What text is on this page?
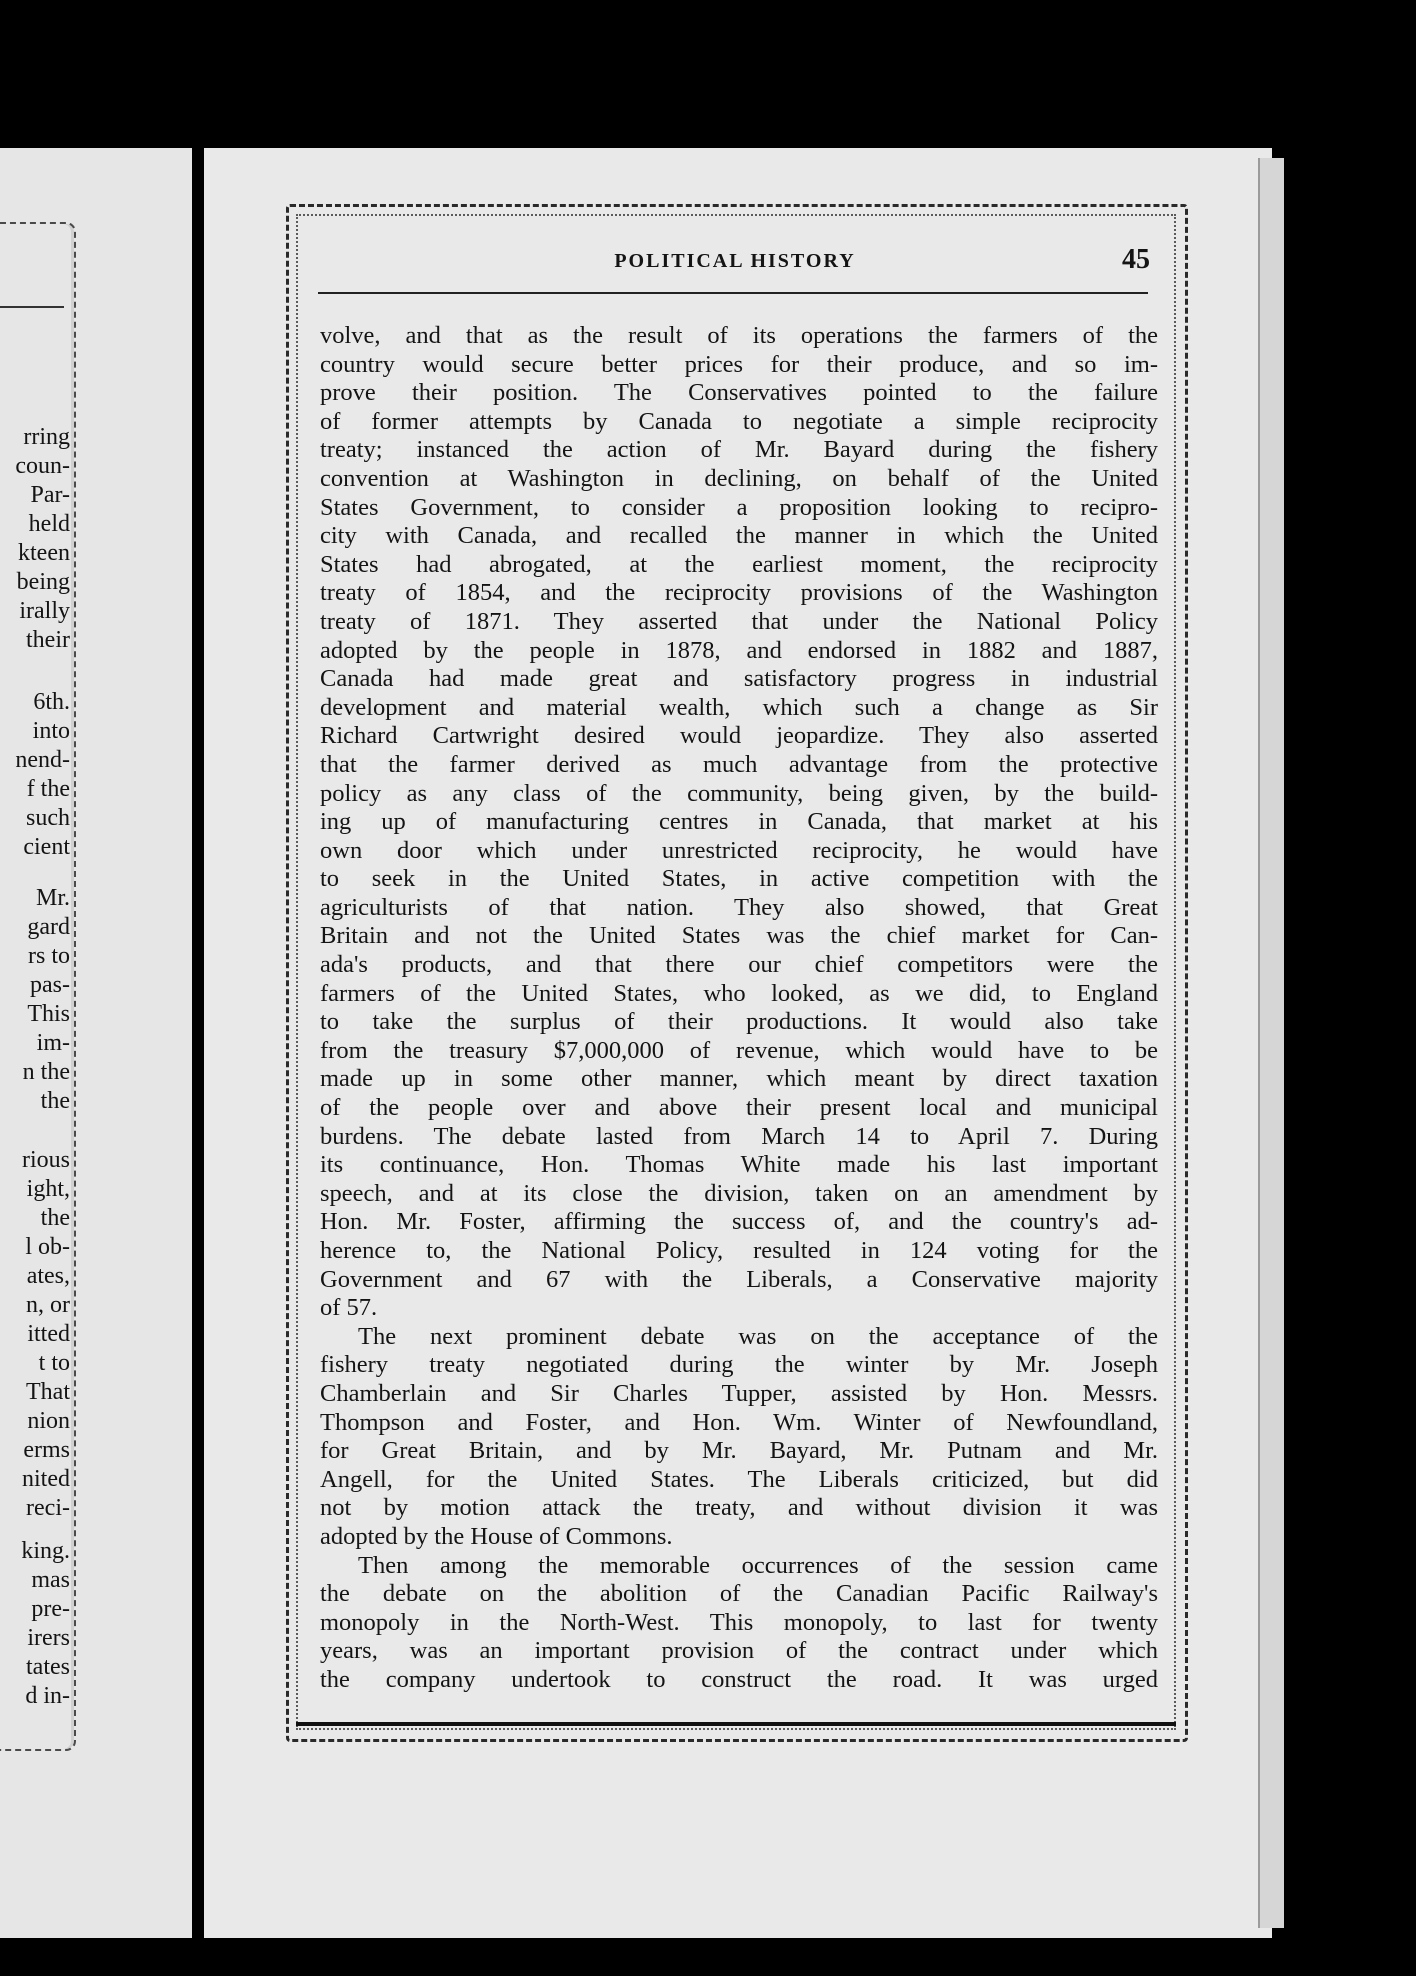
rring
coun-
Par-
held
kteen
being
irally
their
6th.
into
nend-
f the
such
cient
Mr.
gard
rs to
pas-
This
im-
n the
the
rious
ight,
the
l ob-
ates,
n, or
itted
t to
That
nion
erms
nited
reci-
king.
mas
pre-
irers
tates
d in-
POLITICAL HISTORY	45
volve, and that as the result of its operations the farmers of the
country would secure better prices for their produce, and so im-
prove their position. The Conservatives pointed to the failure
of former attempts by Canada to negotiate a simple reciprocity
treaty; instanced the action of Mr. Bayard during the fishery
convention at Washington in declining, on behalf of the United
States Government, to consider a proposition looking to recipro-
city with Canada, and recalled the manner in which the United
States had abrogated, at the earliest moment, the reciprocity
treaty of 1854, and the reciprocity provisions of the Washington
treaty of 1871. They asserted that under the National Policy
adopted by the people in 1878, and endorsed in 1882 and 1887,
Canada had made great and satisfactory progress in industrial
development and material wealth, which such a change as Sir
Richard Cartwright desired would jeopardize. They also asserted
that the farmer derived as much advantage from the protective
policy as any class of the community, being given, by the build-
ing up of manufacturing centres in Canada, that market at his
own door which under unrestricted reciprocity, he would have
to seek in the United States, in active competition with the
agriculturists of that nation. They also showed, that Great
Britain and not the United States was the chief market for Can-
ada's products, and that there our chief competitors were the
farmers of the United States, who looked, as we did, to England
to take the surplus of their productions. It would also take
from the treasury $7,000,000 of revenue, which would have to be
made up in some other manner, which meant by direct taxation
of the people over and above their present local and municipal
burdens. The debate lasted from March 14 to April 7. During
its continuance, Hon. Thomas White made his last important
speech, and at its close the division, taken on an amendment by
Hon. Mr. Foster, affirming the success of, and the country's ad-
herence to, the National Policy, resulted in 124 voting for the
Government and 67 with the Liberals, a Conservative majority
of 57.
The next prominent debate was on the acceptance of the
fishery treaty negotiated during the winter by Mr. Joseph
Chamberlain and Sir Charles Tupper, assisted by Hon. Messrs.
Thompson and Foster, and Hon. Wm. Winter of Newfoundland,
for Great Britain, and by Mr. Bayard, Mr. Putnam and Mr.
Angell, for the United States. The Liberals criticized, but did
not by motion attack the treaty, and without division it was
adopted by the House of Commons.
Then among the memorable occurrences of the session came
the debate on the abolition of the Canadian Pacific Railway's
monopoly in the North-West. This monopoly, to last for twenty
years, was an important provision of the contract under which
the company undertook to construct the road. It was urged
